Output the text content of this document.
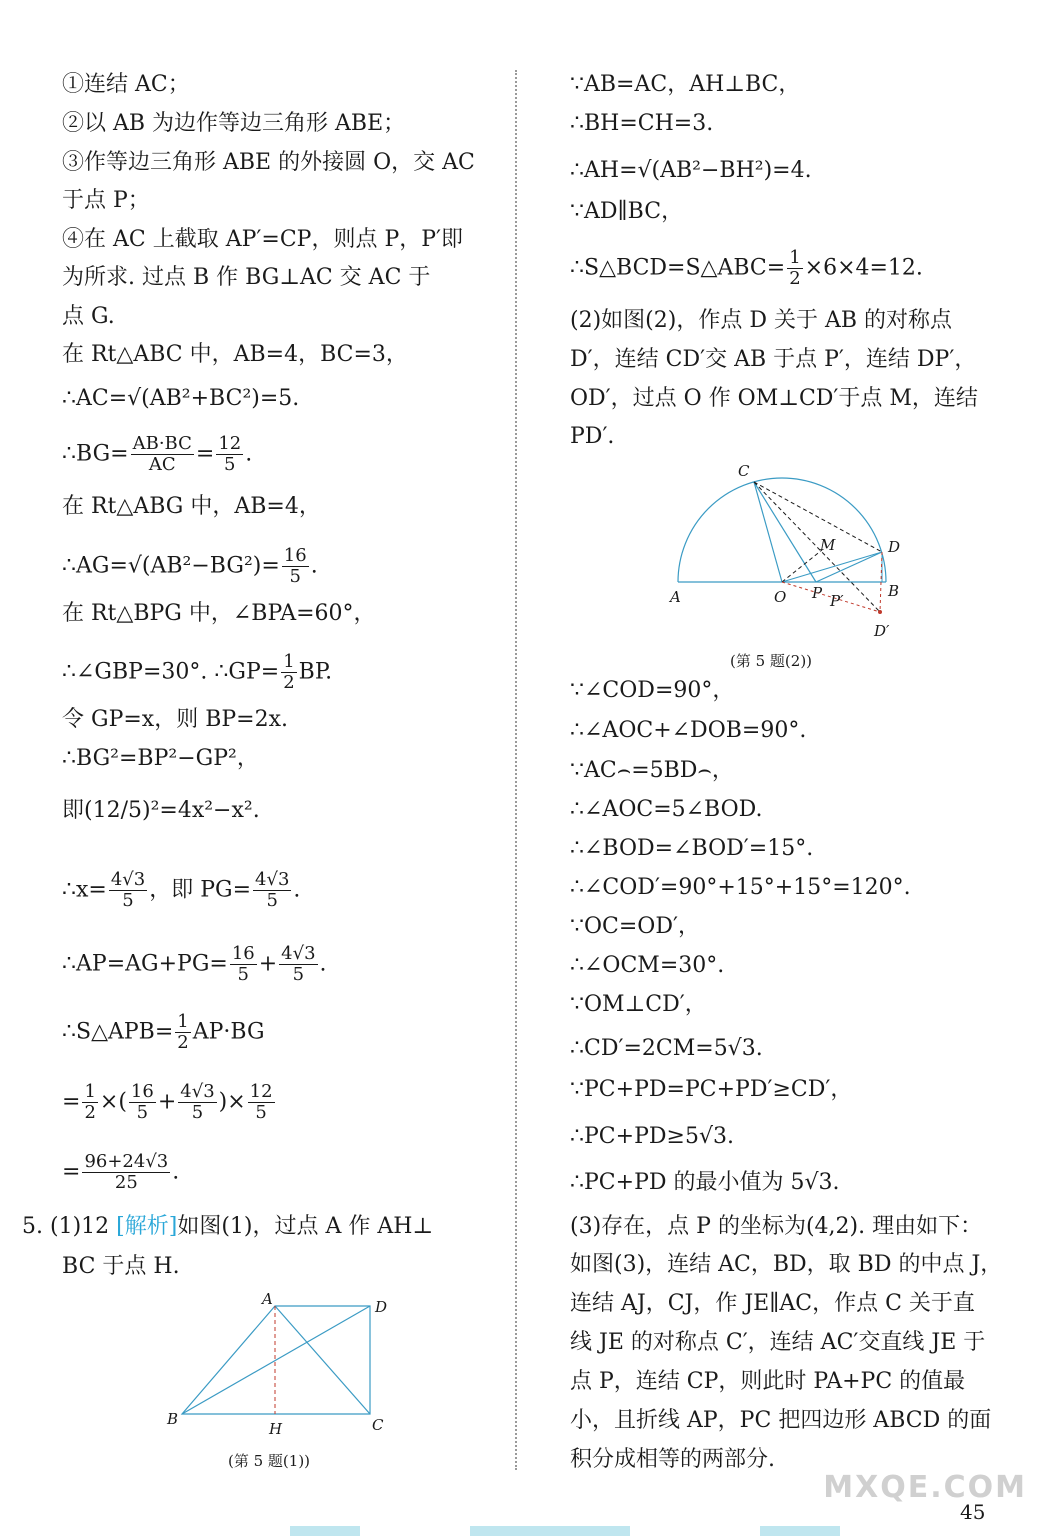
①连结 AC；
②以 AB 为边作等边三角形 ABE；
③作等边三角形 ABE 的外接圆 O，交 AC
于点 P；
④在 AC 上截取 AP′=CP，则点 P，P′即
为所求. 过点 B 作 BG⊥AC 交 AC 于
点 G.
在 Rt△ABC 中，AB=4，BC=3，
∴AC=√(AB²+BC²)=5.
∴BG= $\frac{AB\cdot BC}{AC} = \frac{12}{5}$ .
在 Rt△ABG 中，AB=4，
∴AG=√(AB²−BG²)= $\frac{16}{5}$ .
在 Rt△BPG 中，∠BPA=60°，
∴∠GBP=30°. ∴GP= $\frac{1}{2}$ BP.
令 GP=x，则 BP=2x.
∴BG²=BP²−GP²，
即(12/5)²=4x²−x².
∴x= $\frac{4√3}{5}$ ，即 $PG= \frac{4√3}{5}$ .
∴AP=AG+PG= $\frac{16}{5} + \frac{4√3}{5}$ .
∴S△APB= $\frac{1}{2} AP\cdot BG$
= $\frac{1}{2}$ ×( $\frac{16}{5} + \frac{4√3}{5}$ )× $\frac{12}{5}$
= $\frac{96+24√3}{25}$ .
5. (1)12 [解析]如图(1)，过点 A 作 AH⊥
BC 于点 H.
A	D
B
H	C
(第 5 题(1))
∵AB=AC，AH⊥BC，
∴BH=CH=3.
∴AH=√(AB²−BH²)=4.
∵AD∥BC，
∴S△BCD=S△ABC= $\frac{1}{2} \times 6\times 4=12$.
(2)如图(2)，作点 D 关于 AB 的对称点
D′，连结 CD′交 AB 于点 P′，连结 DP′，
OD′，过点 O 作 OM⊥CD′于点 M，连结
PD′.
∵∠COD=90°，
∴∠AOC+∠DOB=90°.
∵AC⌢=5BD⌢，
∴∠AOC=5∠BOD.
∴∠BOD=∠BOD′=15°.
∴∠COD′=90°+15°+15°=120°.
∵OC=OD′，
∴∠OCM=30°.
∵OM⊥CD′，
∴CD′=2CM=5√3.
∵PC+PD=PC+PD′≥CD′，
∴PC+PD≥5√3.
∴PC+PD 的最小值为 5√3.
(3)存在，点 P 的坐标为(4,2). 理由如下：
如图(3)，连结 AC，BD，取 BD 的中点 J，
连结 AJ，CJ，作 JE∥AC，作点 C 关于直
线 JE 的对称点 C′，连结 AC′交直线 JE 于
点 P，连结 CP，则此时 PA+PC 的值最
小，且折线 AP，PC 把四边形 ABCD 的面
积分成相等的两部分.
C
M	D
A	O P P′
B
D′
(第 5 题(2))
45
MXQE.COM
